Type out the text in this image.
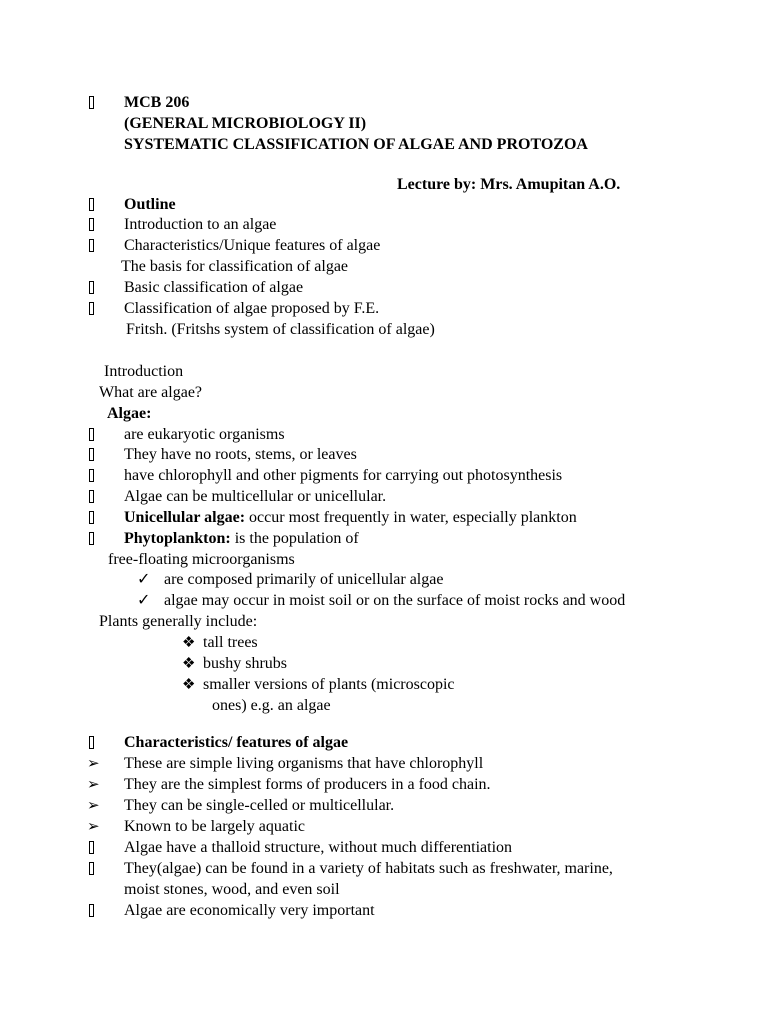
MCB 206
(GENERAL MICROBIOLOGY II)
SYSTEMATIC CLASSIFICATION OF ALGAE AND PROTOZOA
Lecture by: Mrs. Amupitan A.O.
Outline
Introduction to an algae
Characteristics/Unique features of algae
The basis for classification of algae
Basic classification of algae
Classification of algae proposed by F.E.
Fritsh. (Fritshs system of classification of algae)
Introduction
What are algae?
Algae:
are eukaryotic organisms
They have no roots, stems, or leaves
have chlorophyll and other pigments for carrying out photosynthesis
Algae can be multicellular or unicellular.
Unicellular algae: occur most frequently in water, especially plankton
Phytoplankton: is the population of
free-floating microorganisms
✓ are composed primarily of unicellular algae
✓ algae may occur in moist soil or on the surface of moist rocks and wood
Plants generally include:
❖ tall trees
❖ bushy shrubs
❖ smaller versions of plants (microscopic
ones) e.g. an algae
Characteristics/ features of algae
➢ These are simple living organisms that have chlorophyll
➢ They are the simplest forms of producers in a food chain.
➢ They can be single-celled or multicellular.
➢ Known to be largely aquatic
Algae have a thalloid structure, without much differentiation
They(algae) can be found in a variety of habitats such as freshwater, marine,
moist stones, wood, and even soil
Algae are economically very important
